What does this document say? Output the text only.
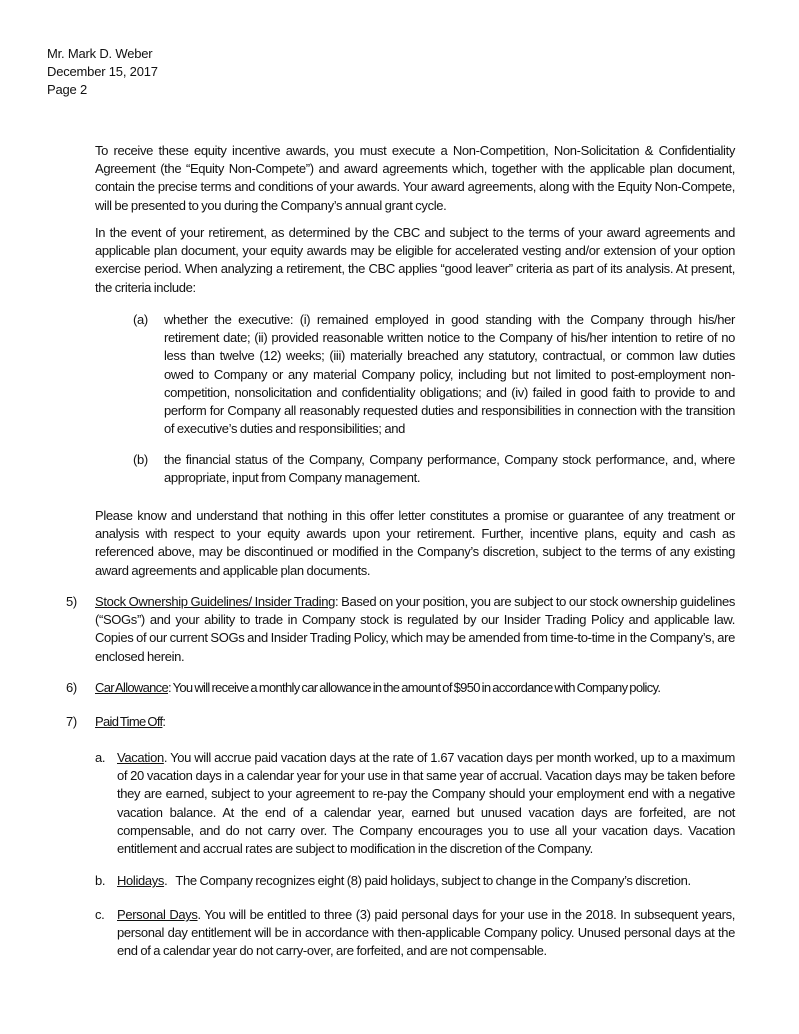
Mr. Mark D. Weber
December 15, 2017
Page 2

To receive these equity incentive awards, you must execute a Non-Competition, Non-Solicitation & Confidentiality Agreement (the “Equity Non-Compete”) and award agreements which, together with the applicable plan document, contain the precise terms and conditions of your awards. Your award agreements, along with the Equity Non-Compete, will be presented to you during the Company’s annual grant cycle.

In the event of your retirement, as determined by the CBC and subject to the terms of your award agreements and applicable plan document, your equity awards may be eligible for accelerated vesting and/or extension of your option exercise period. When analyzing a retirement, the CBC applies “good leaver” criteria as part of its analysis. At present, the criteria include:

(a) whether the executive: (i) remained employed in good standing with the Company through his/her retirement date; (ii) provided reasonable written notice to the Company of his/her intention to retire of no less than twelve (12) weeks; (iii) materially breached any statutory, contractual, or common law duties owed to Company or any material Company policy, including but not limited to post-employment non-competition, nonsolicitation and confidentiality obligations; and (iv) failed in good faith to provide to and perform for Company all reasonably requested duties and responsibilities in connection with the transition of executive’s duties and responsibilities; and

(b) the financial status of the Company, Company performance, Company stock performance, and, where appropriate, input from Company management.

Please know and understand that nothing in this offer letter constitutes a promise or guarantee of any treatment or analysis with respect to your equity awards upon your retirement. Further, incentive plans, equity and cash as referenced above, may be discontinued or modified in the Company’s discretion, subject to the terms of any existing award agreements and applicable plan documents.

5) Stock Ownership Guidelines/ Insider Trading: Based on your position, you are subject to our stock ownership guidelines (“SOGs”) and your ability to trade in Company stock is regulated by our Insider Trading Policy and applicable law. Copies of our current SOGs and Insider Trading Policy, which may be amended from time-to-time in the Company’s, are enclosed herein.

6) Car Allowance: You will receive a monthly car allowance in the amount of $950 in accordance with Company policy.

7) Paid Time Off:

a. Vacation. You will accrue paid vacation days at the rate of 1.67 vacation days per month worked, up to a maximum of 20 vacation days in a calendar year for your use in that same year of accrual. Vacation days may be taken before they are earned, subject to your agreement to re-pay the Company should your employment end with a negative vacation balance. At the end of a calendar year, earned but unused vacation days are forfeited, are not compensable, and do not carry over. The Company encourages you to use all your vacation days. Vacation entitlement and accrual rates are subject to modification in the discretion of the Company.

b. Holidays.   The Company recognizes eight (8) paid holidays, subject to change in the Company’s discretion.

c. Personal Days. You will be entitled to three (3) paid personal days for your use in the 2018. In subsequent years, personal day entitlement will be in accordance with then-applicable Company policy. Unused personal days at the end of a calendar year do not carry-over, are forfeited, and are not compensable.
